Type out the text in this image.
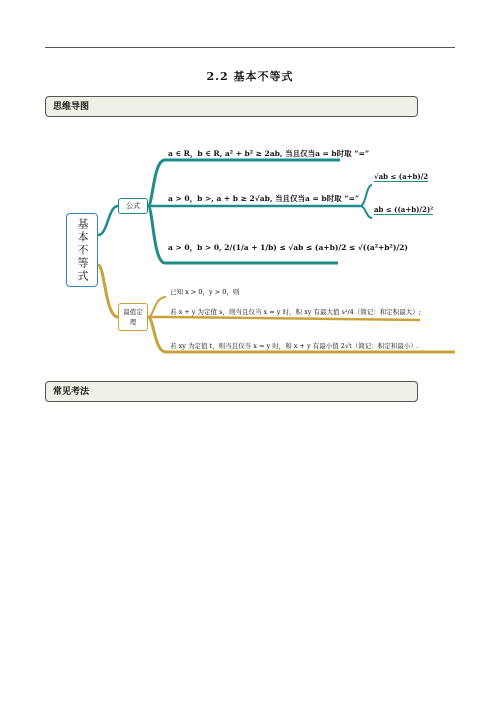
2.2 基本不等式
思维导图
基本不等式
公式
最值定理
a ∈ R，b ∈ R, a² + b² ≥ 2ab, 当且仅当a = b时取 “=”
a > 0，b >, a + b ≥ 2√ab, 当且仅当a = b时取 “=”
a > 0，b > 0, 2/(1/a + 1/b) ≤ √ab ≤ (a+b)/2 ≤ √((a²+b²)/2)
√ab ≤ (a+b)/2
ab ≤ ((a+b)/2)²
已知 x > 0，y > 0，则
若 x + y 为定值 s，则当且仅当 x = y 时，积 xy 有最大值 s²/4（简记：和定积最大）;
若 xy 为定值 t，则当且仅当 x = y 时，和 x + y 有最小值 2√t（简记：积定和最小）.
常见考法
